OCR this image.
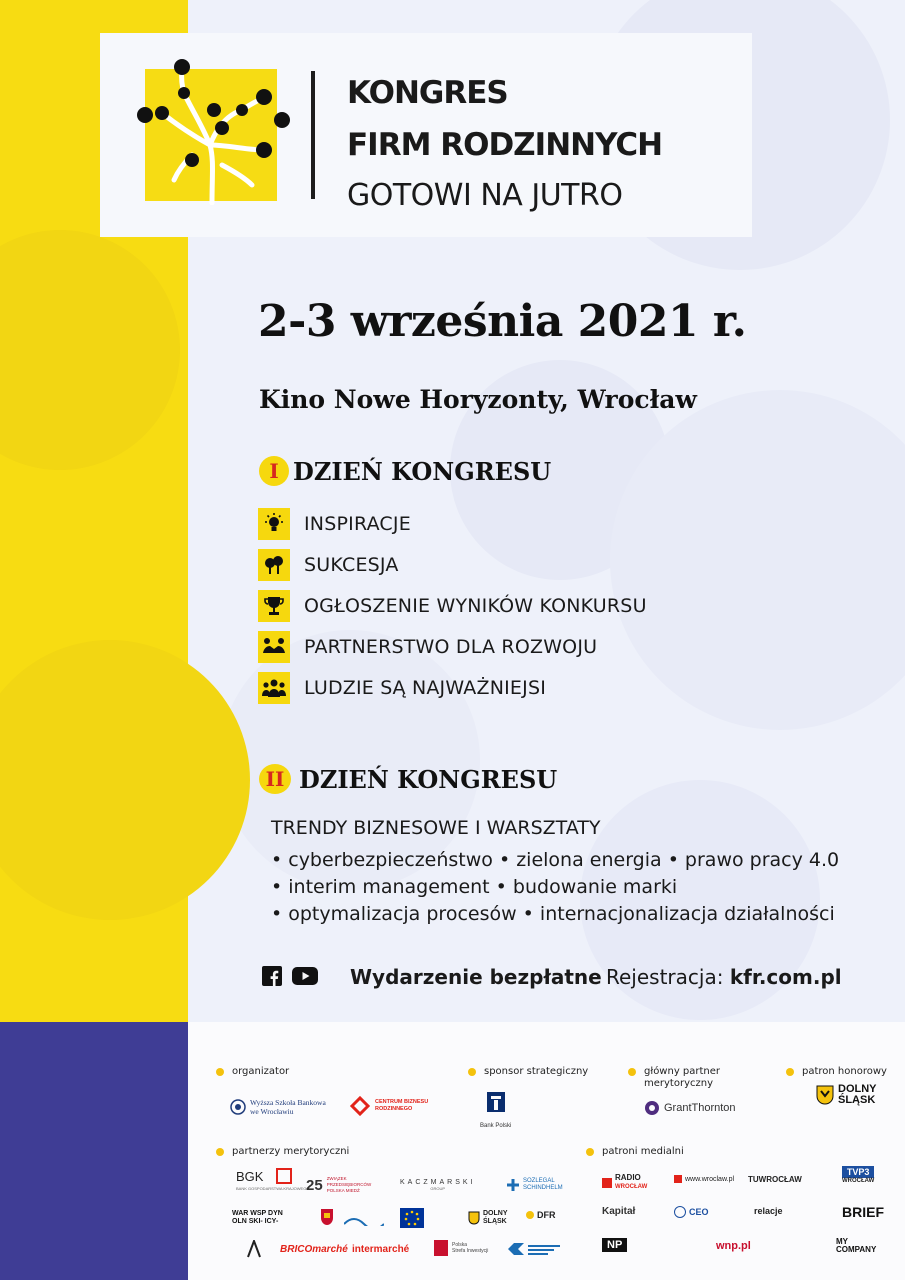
KONGRES
FIRM RODZINNYCH
GOTOWI NA JUTRO
2-3 września 2021 r.
Kino Nowe Horyzonty, Wrocław
I DZIEŃ KONGRESU
INSPIRACJE
SUKCESJA
OGŁOSZENIE WYNIKÓW KONKURSU
PARTNERSTWO DLA ROZWOJU
LUDZIE SĄ NAJWAŻNIEJSI
II DZIEŃ KONGRESU
TRENDY BIZNESOWE I WARSZTATY
• cyberbezpieczeństwo • zielona energia • prawo pracy 4.0
• interim management • budowanie marki
• optymalizacja procesów • internacjonalizacja działalności
Wydarzenie bezpłatne Rejestracja: kfr.com.pl
organizator	sponsor strategiczny	główny partner
merytoryczny
patron honorowy
Wyższa Szkoła Bankowa
we Wrocławiu
CENTRUM BIZNESU
RODZINNEGO
Bank Polski
GrantThornton
DOLNY
ŚLĄSK
partnerzy merytoryczni	patroni medialni
BGK
BANK GOSPODARSTWA KRAJOWEGO
25 ZWIĄZEK PRZEDSIĘBIORCÓW POLSKA MIEDŹ
KACZMARSKI
GROUP
SOZLEGAL
SCHINDHELM
WAR WSP DYN OLN SKI- ICY-
DOLNY
ŚLĄSK
DFR
BRICOmarché intermarché	Polska
Strefa Inwestycji
RADIO
WROCŁAW
www.wroclaw.pl TUWROCŁAW
TVP3
WROCŁAW
Kapitał	CEO	relacje	BRIEF
NP	wnp.pl	MY
COMPANY
